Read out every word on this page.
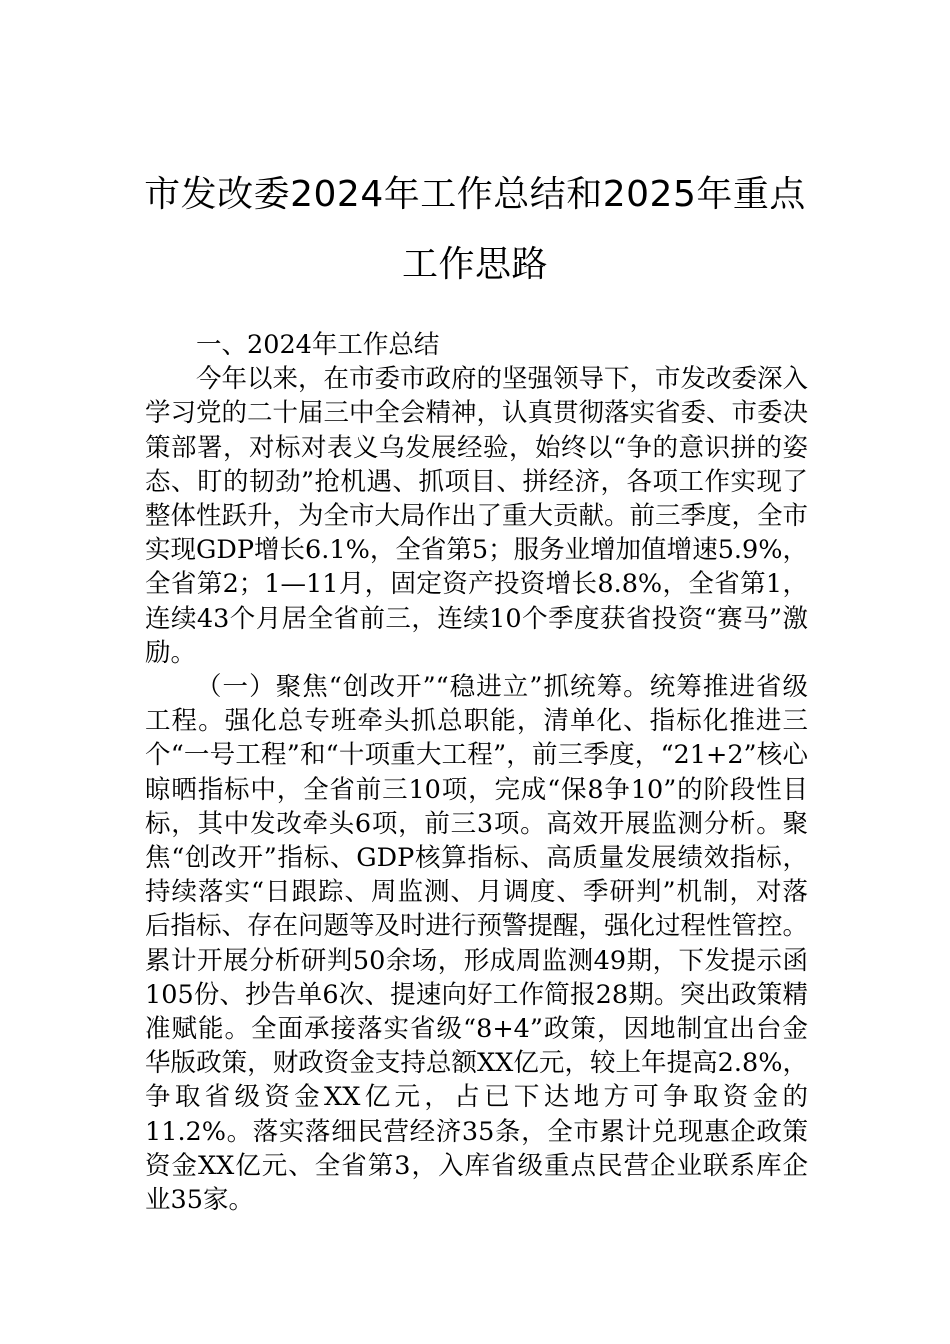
市发改委2024年工作总结和2025年重点工作思路

一、2024年工作总结

今年以来，在市委市政府的坚强领导下，市发改委深入学习党的二十届三中全会精神，认真贯彻落实省委、市委决策部署，对标对表义乌发展经验，始终以“争的意识拼的姿态、盯的韧劲”抢机遇、抓项目、拼经济，各项工作实现了整体性跃升，为全市大局作出了重大贡献。前三季度，全市实现GDP增长6.1%，全省第5；服务业增加值增速5.9%，全省第2；1—11月，固定资产投资增长8.8%，全省第1，连续43个月居全省前三，连续10个季度获省投资“赛马”激励。

（一）聚焦“创改开”“稳进立”抓统筹。统筹推进省级工程。强化总专班牵头抓总职能，清单化、指标化推进三个“一号工程”和“十项重大工程”，前三季度，“21+2”核心晾晒指标中，全省前三10项，完成“保8争10”的阶段性目标，其中发改牵头6项，前三3项。高效开展监测分析。聚焦“创改开”指标、GDP核算指标、高质量发展绩效指标，持续落实“日跟踪、周监测、月调度、季研判”机制，对落后指标、存在问题等及时进行预警提醒，强化过程性管控。累计开展分析研判50余场，形成周监测49期，下发提示函105份、抄告单6次、提速向好工作简报28期。突出政策精准赋能。全面承接落实省级“8+4”政策，因地制宜出台金华版政策，财政资金支持总额XX亿元，较上年提高2.8%，争取省级资金XX亿元，占已下达地方可争取资金的11.2%。落实落细民营经济35条，全市累计兑现惠企政策资金XX亿元、全省第3，入库省级重点民营企业联系库企业35家。
